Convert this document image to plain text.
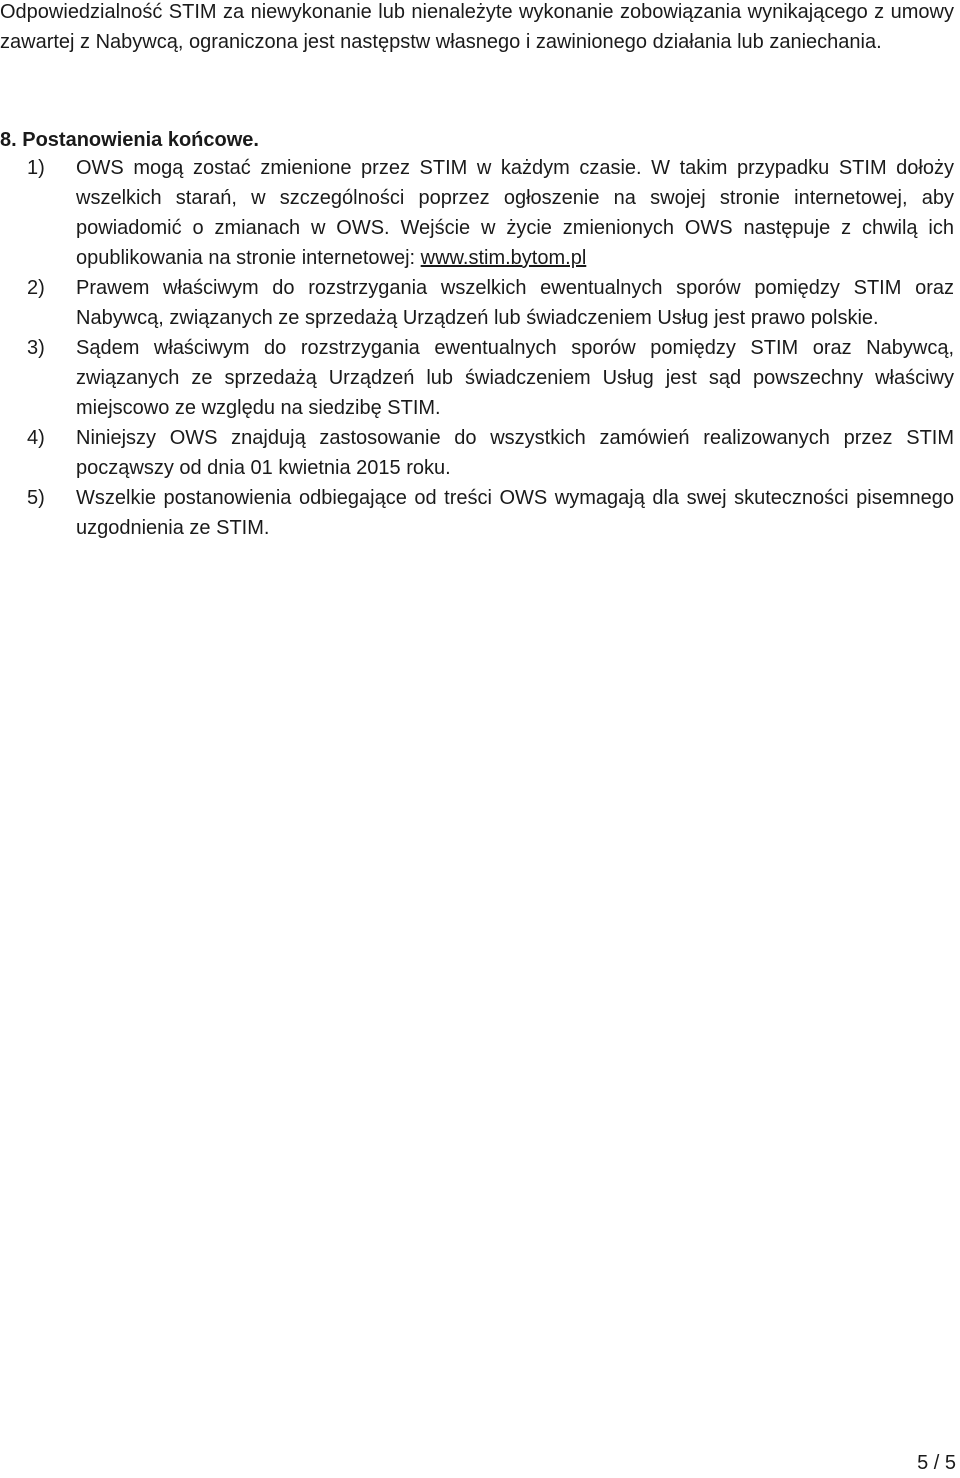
Odpowiedzialność STIM za niewykonanie lub nienależyte wykonanie zobowiązania wynikającego z umowy zawartej z Nabywcą, ograniczona jest następstw własnego i zawinionego działania lub zaniechania.

8. Postanowienia końcowe.
1) OWS mogą zostać zmienione przez STIM w każdym czasie. W takim przypadku STIM dołoży wszelkich starań, w szczególności poprzez ogłoszenie na swojej stronie internetowej, aby powiadomić o zmianach w OWS. Wejście w życie zmienionych OWS następuje z chwilą ich opublikowania na stronie internetowej: www.stim.bytom.pl
2) Prawem właściwym do rozstrzygania wszelkich ewentualnych sporów pomiędzy STIM oraz Nabywcą, związanych ze sprzedażą Urządzeń lub świadczeniem Usług jest prawo polskie.
3) Sądem właściwym do rozstrzygania ewentualnych sporów pomiędzy STIM oraz Nabywcą, związanych ze sprzedażą Urządzeń lub świadczeniem Usług jest sąd powszechny właściwy miejscowo ze względu na siedzibę STIM.
4) Niniejszy OWS znajdują zastosowanie do wszystkich zamówień realizowanych przez STIM począwszy od dnia 01 kwietnia 2015 roku.
5) Wszelkie postanowienia odbiegające od treści OWS wymagają dla swej skuteczności pisemnego uzgodnienia ze STIM.
5 / 5
